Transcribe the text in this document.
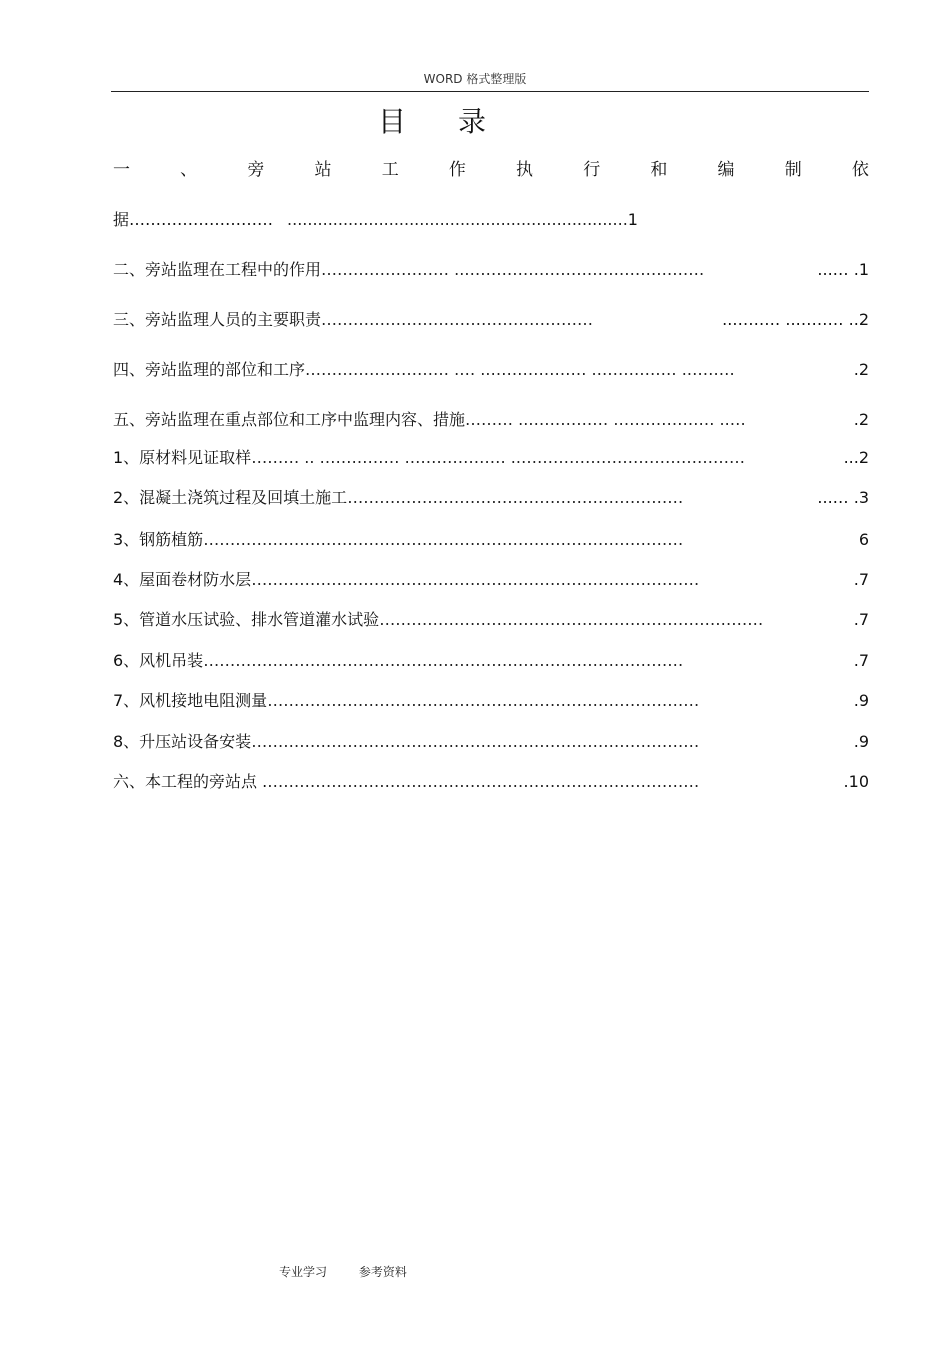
WORD 格式整理版
目录
一	、	旁	站	工	作	执	行	和	编	制	依
据……………………… ................................................................... 1
二、旁站监理在工程中的作用 …………………… ..………………………………………	...… .1
三、旁站监理人员的主要职责 ……………………………………………	..……… ..……… ..2
四、旁站监理的部位和工序 ……………………… .… ..……………… .…………… .………	.2
五、旁站监理在重点部位和工序中监理内容、措施 ……… ..…………… .……………… ..…	.2
1、原材料见证取样 ……… .. …………… .……………… ..……………………………………	...2
2、混凝土浇筑过程及回填土施工 ………………………………………………………	...… .3
3、钢筋植筋 ………………………………………………………………………………	6
4、屋面卷材防水层 …………………………………………………………………………	.7
5、管道水压试验、排水管道灌水试验 ………………………………………………………………	.7
6、风机吊装 ………………………………………………………………………………	.7
7、风机接地电阻测量 ………………………………………………………………………	.9
8、升压站设备安装 …………………………………………………………………………	.9
六、本工程的旁站点 . ………………………………………………………………………	.10
专业学习	参考资料
